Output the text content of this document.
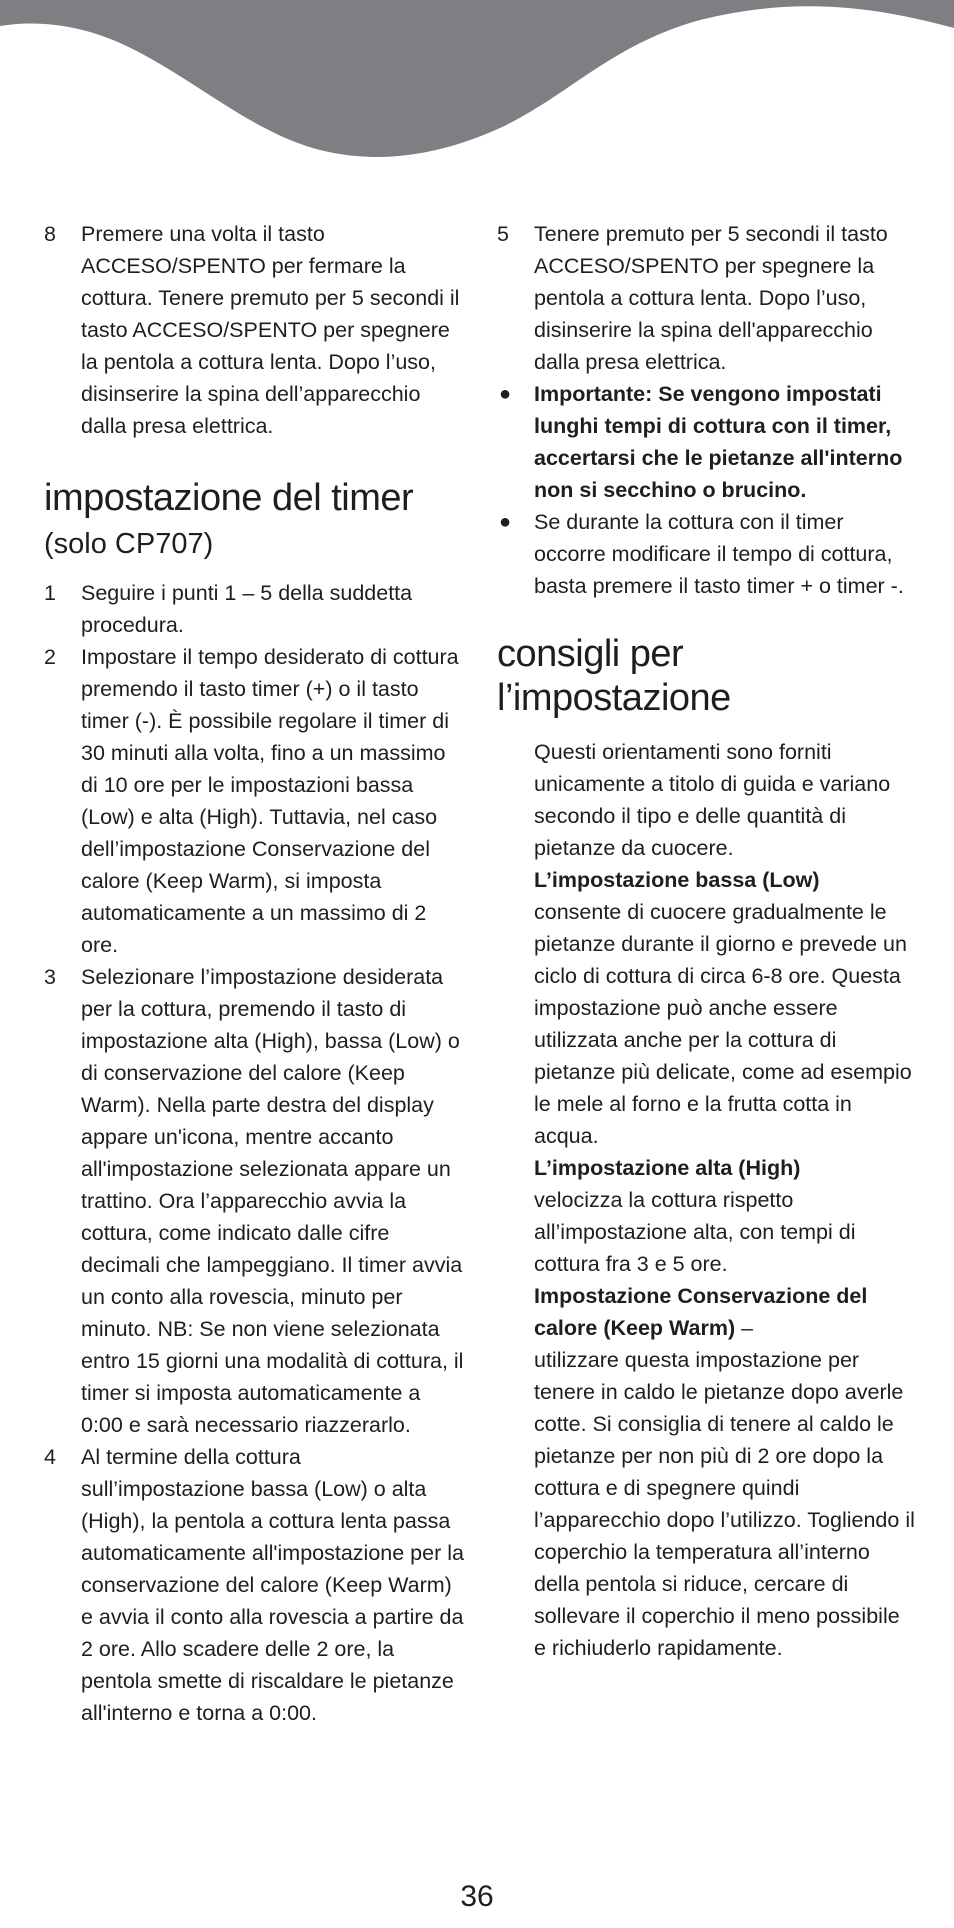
8 Premere una volta il tasto ACCESO/SPENTO per fermare la cottura. Tenere premuto per 5 secondi il tasto ACCESO/SPENTO per spegnere la pentola a cottura lenta. Dopo l’uso, disinserire la spina dell’apparecchio dalla presa elettrica.

impostazione del timer
(solo CP707)

1 Seguire i punti 1 – 5 della suddetta procedura.

2 Impostare il tempo desiderato di cottura premendo il tasto timer (+) o il tasto timer (-). È possibile regolare il timer di 30 minuti alla volta, fino a un massimo di 10 ore per le impostazioni bassa (Low) e alta (High). Tuttavia, nel caso dell’impostazione Conservazione del calore (Keep Warm), si imposta automaticamente a un massimo di 2 ore.

3 Selezionare l’impostazione desiderata per la cottura, premendo il tasto di impostazione alta (High), bassa (Low) o di conservazione del calore (Keep Warm). Nella parte destra del display appare un'icona, mentre accanto all'impostazione selezionata appare un trattino. Ora l’apparecchio avvia la cottura, come indicato dalle cifre decimali che lampeggiano. Il timer avvia un conto alla rovescia, minuto per minuto. NB: Se non viene selezionata entro 15 giorni una modalità di cottura, il timer si imposta automaticamente a 0:00 e sarà necessario riazzerarlo.

4 Al termine della cottura sull’impostazione bassa (Low) o alta (High), la pentola a cottura lenta passa automaticamente all'impostazione per la conservazione del calore (Keep Warm) e avvia il conto alla rovescia a partire da 2 ore. Allo scadere delle 2 ore, la pentola smette di riscaldare le pietanze all'interno e torna a 0:00.

5 Tenere premuto per 5 secondi il tasto ACCESO/SPENTO per spegnere la pentola a cottura lenta. Dopo l’uso, disinserire la spina dell'apparecchio dalla presa elettrica.

● Importante: Se vengono impostati lunghi tempi di cottura con il timer, accertarsi che le pietanze all'interno non si secchino o brucino.

● Se durante la cottura con il timer occorre modificare il tempo di cottura, basta premere il tasto timer + o timer -.

consigli per l’impostazione

Questi orientamenti sono forniti unicamente a titolo di guida e variano secondo il tipo e delle quantità di pietanze da cuocere.

L’impostazione bassa (Low)

consente di cuocere gradualmente le pietanze durante il giorno e prevede un ciclo di cottura di circa 6-8 ore. Questa impostazione può anche essere utilizzata anche per la cottura di pietanze più delicate, come ad esempio le mele al forno e la frutta cotta in acqua.

L’impostazione alta (High)

velocizza la cottura rispetto all’impostazione alta, con tempi di cottura fra 3 e 5 ore.

Impostazione Conservazione del calore (Keep Warm) –

utilizzare questa impostazione per tenere in caldo le pietanze dopo averle cotte. Si consiglia di tenere al caldo le pietanze per non più di 2 ore dopo la cottura e di spegnere quindi l’apparecchio dopo l’utilizzo. Togliendo il coperchio la temperatura all’interno della pentola si riduce, cercare di sollevare il coperchio il meno possibile e richiuderlo rapidamente.

36
